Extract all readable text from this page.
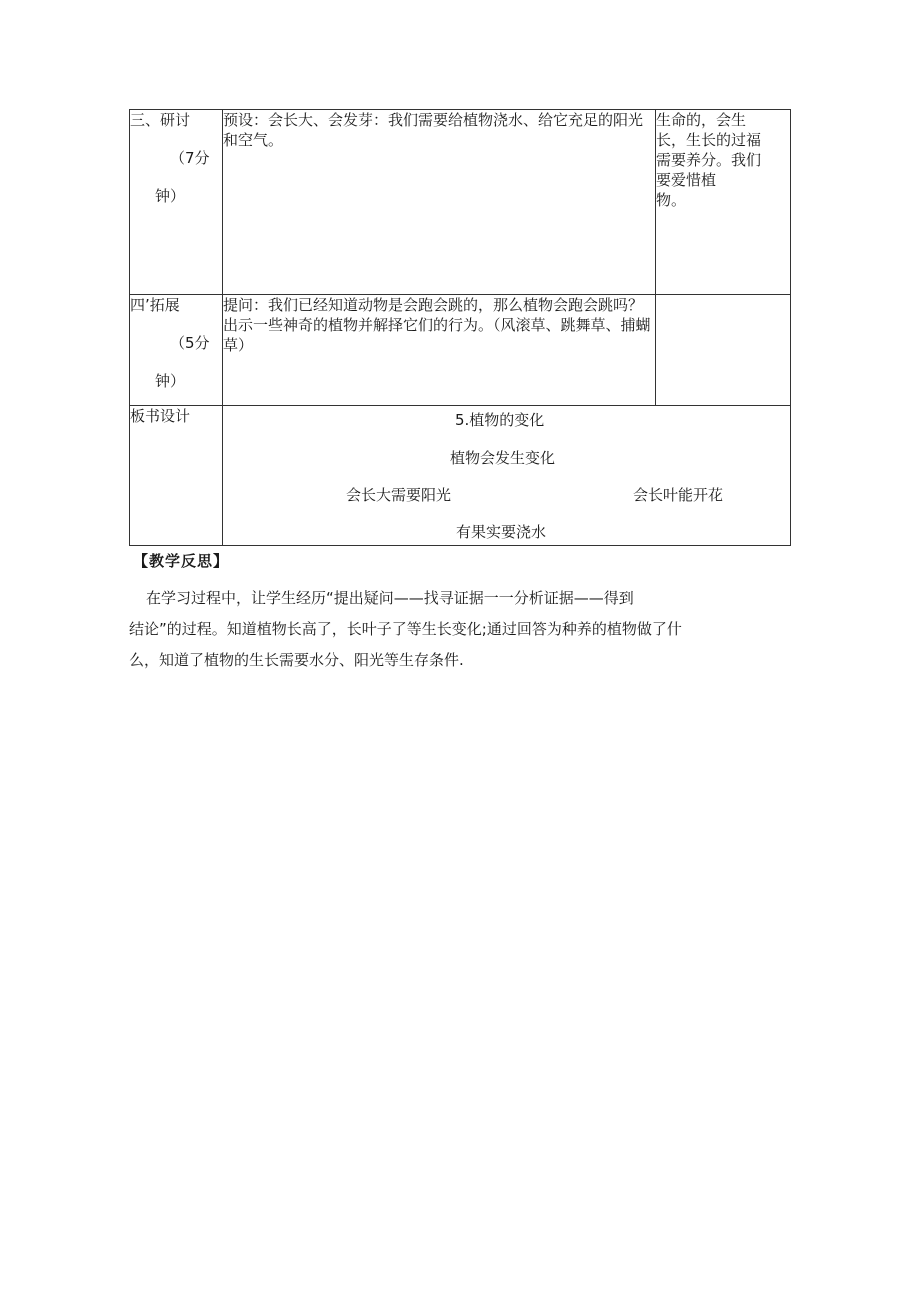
三、研讨
（7分
钟）	预设：会长大、会发芽：我们需要给植物浇水、给它充足的阳光和空气。	生命的，会生
长，生长的过福
需要养分。我们
要爱惜植
物。

四’拓展
（5分
钟）	提问：我们已经知道动物是会跑会跳的，那么植物会跑会跳吗？出示一些神奇的植物并解择它们的行为。（风滚草、跳舞草、捕蝴草）	
板书设计	5.植物的变化
植物会发生变化
会长大需要阳光 会长叶能开花
有果实要浇水	
【教学反思】
在学习过程中，让学生经历“提出疑问——找寻证据一一分析证据——得到
结论”的过程。知道植物长高了，长叶子了等生长变化;通过回答为种养的植物做了什
么，知道了植物的生长需要水分、阳光等生存条件.
